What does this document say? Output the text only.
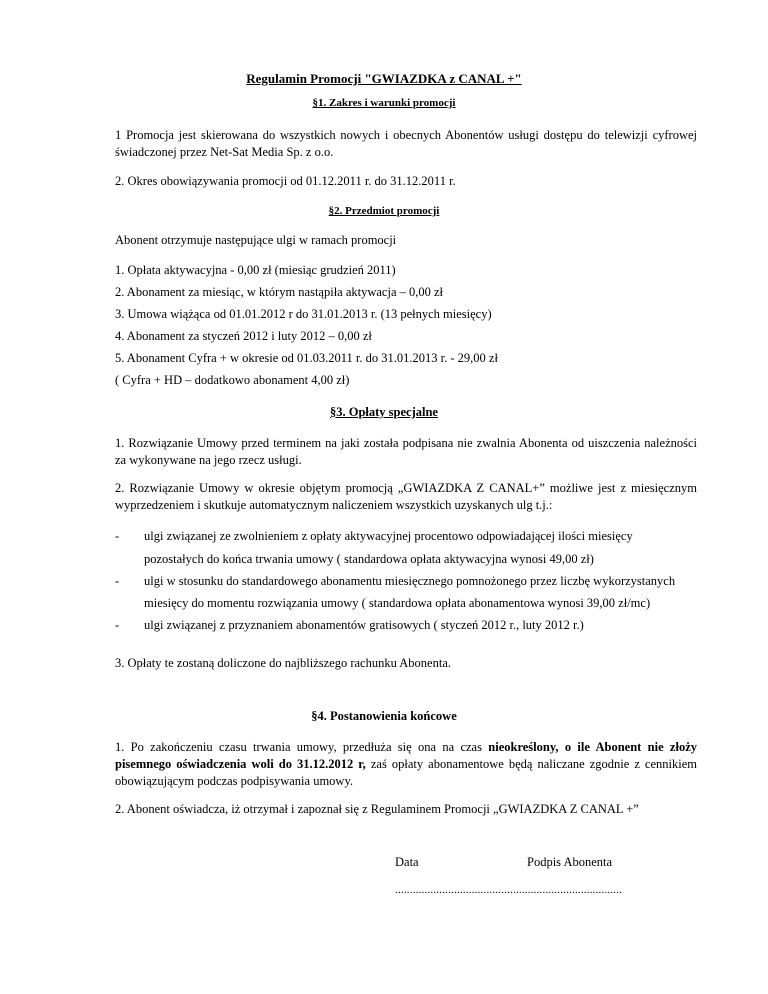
Regulamin Promocji "GWIAZDKA z CANAL +"

§1. Zakres i warunki promocji

1 Promocja jest skierowana do wszystkich nowych i obecnych Abonentów usługi dostępu do telewizji cyfrowej świadczonej przez Net-Sat Media Sp. z o.o.

2. Okres obowiązywania promocji od 01.12.2011 r. do 31.12.2011 r.

§2. Przedmiot promocji

Abonent otrzymuje następujące ulgi w ramach promocji

1. Opłata aktywacyjna - 0,00 zł (miesiąc grudzień 2011)

2. Abonament za miesiąc, w którym nastąpiła aktywacja – 0,00 zł

3. Umowa wiążąca od 01.01.2012 r do 31.01.2013 r. (13 pełnych miesięcy)

4. Abonament za styczeń 2012 i luty 2012 – 0,00 zł

5. Abonament Cyfra + w okresie od 01.03.2011 r. do 31.01.2013 r. - 29,00 zł

( Cyfra + HD – dodatkowo abonament 4,00 zł)

§3. Opłaty specjalne

1. Rozwiązanie Umowy przed terminem na jaki została podpisana nie zwalnia Abonenta od uiszczenia należności za wykonywane na jego rzecz usługi.

2. Rozwiązanie Umowy w okresie objętym promocją „GWIAZDKA Z CANAL+” możliwe jest z miesięcznym wyprzedzeniem i skutkuje automatycznym naliczeniem wszystkich uzyskanych ulg t.j.:

- ulgi związanej ze zwolnieniem z opłaty aktywacyjnej procentowo odpowiadającej ilości miesięcy

pozostałych do końca trwania umowy ( standardowa opłata aktywacyjna wynosi 49,00 zł)

- ulgi w stosunku do standardowego abonamentu miesięcznego pomnożonego przez liczbę wykorzystanych

miesięcy do momentu rozwiązania umowy ( standardowa opłata abonamentowa wynosi 39,00 zł/mc)

- ulgi związanej z przyznaniem abonamentów gratisowych ( styczeń 2012 r., luty 2012 r.)

3. Opłaty te zostaną doliczone do najbliższego rachunku Abonenta.

§4. Postanowienia końcowe

1. Po zakończeniu czasu trwania umowy, przedłuża się ona na czas nieokreślony, o ile Abonent nie złoży pisemnego oświadczenia woli do 31.12.2012 r, zaś opłaty abonamentowe będą naliczane zgodnie z cennikiem obowiązującym podczas podpisywania umowy.

2. Abonent oświadcza, iż otrzymał i zapoznał się z Regulaminem Promocji „GWIAZDKA Z CANAL +”

Data	Podpis Abonenta
.............................................................................
